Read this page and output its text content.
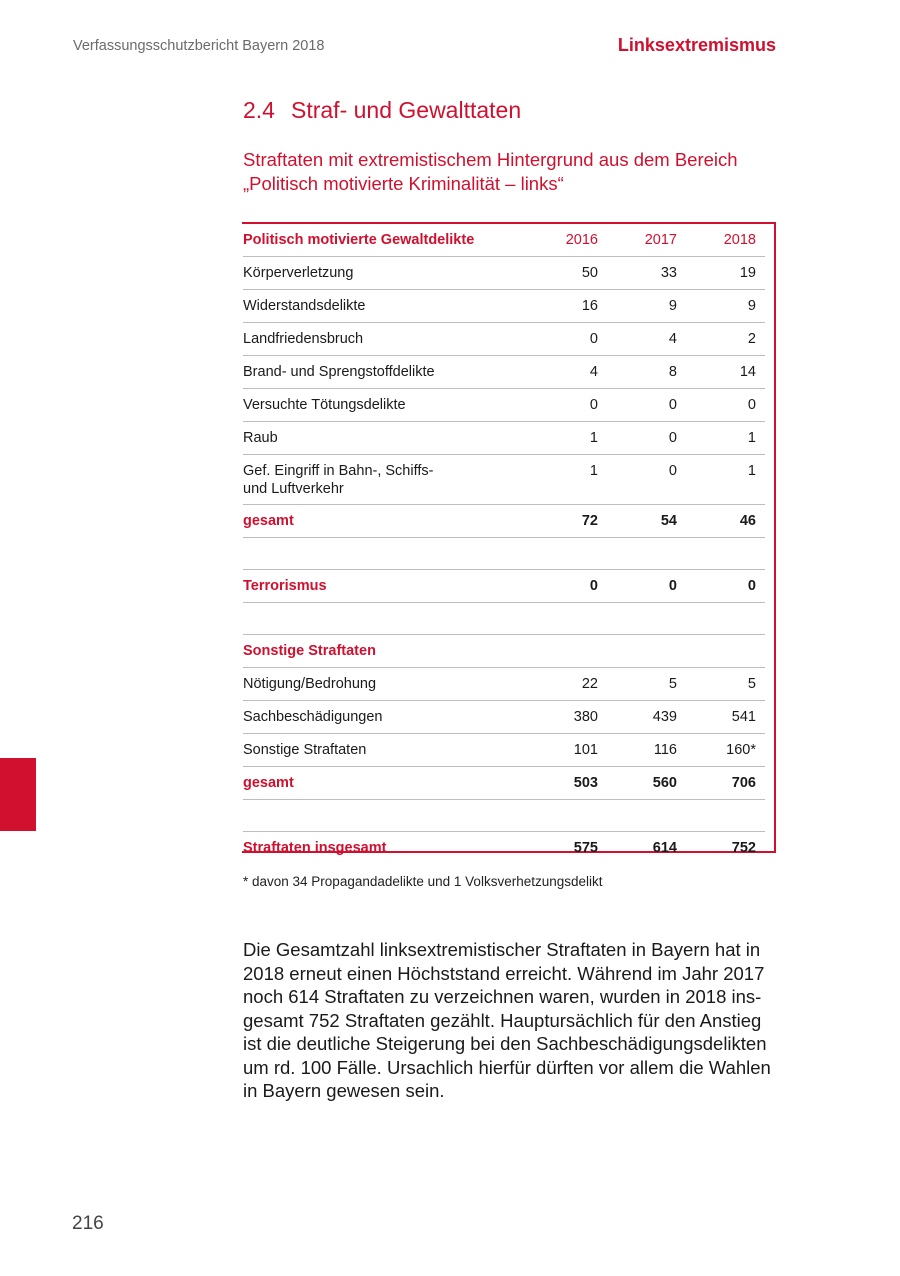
Verfassungsschutzbericht Bayern 2018	Linksextremismus
2.4 Straf- und Gewalttaten
Straftaten mit extremistischem Hintergrund aus dem Bereich „Politisch motivierte Kriminalität – links“
Politisch motivierte Gewaltdelikte	2016	2017	2018
Körperverletzung	50	33	19
Widerstandsdelikte	16	9	9
Landfriedensbruch	0	4	2
Brand- und Sprengstoffdelikte	4	8	14
Versuchte Tötungsdelikte	0	0	0
Raub	1	0	1
Gef. Eingriff in Bahn-, Schiffs- und Luftverkehr	1	0	1
gesamt	72	54	46

Terrorismus	0	0	0

Sonstige Straftaten			
Nötigung/Bedrohung	22	5	5
Sachbeschädigungen	380	439	541
Sonstige Straftaten	101	116	160*
gesamt	503	560	706

Straftaten insgesamt	575	614	752
* davon 34 Propagandadelikte und 1 Volksverhetzungsdelikt
Die Gesamtzahl linksextremistischer Straftaten in Bayern hat in 2018 erneut einen Höchststand erreicht. Während im Jahr 2017 noch 614 Straftaten zu verzeichnen waren, wurden in 2018 insgesamt 752 Straftaten gezählt. Hauptursächlich für den Anstieg ist die deutliche Steigerung bei den Sachbeschädigungsdelikten um rd. 100 Fälle. Ursachlich hierfür dürften vor allem die Wahlen in Bayern gewesen sein.
216
